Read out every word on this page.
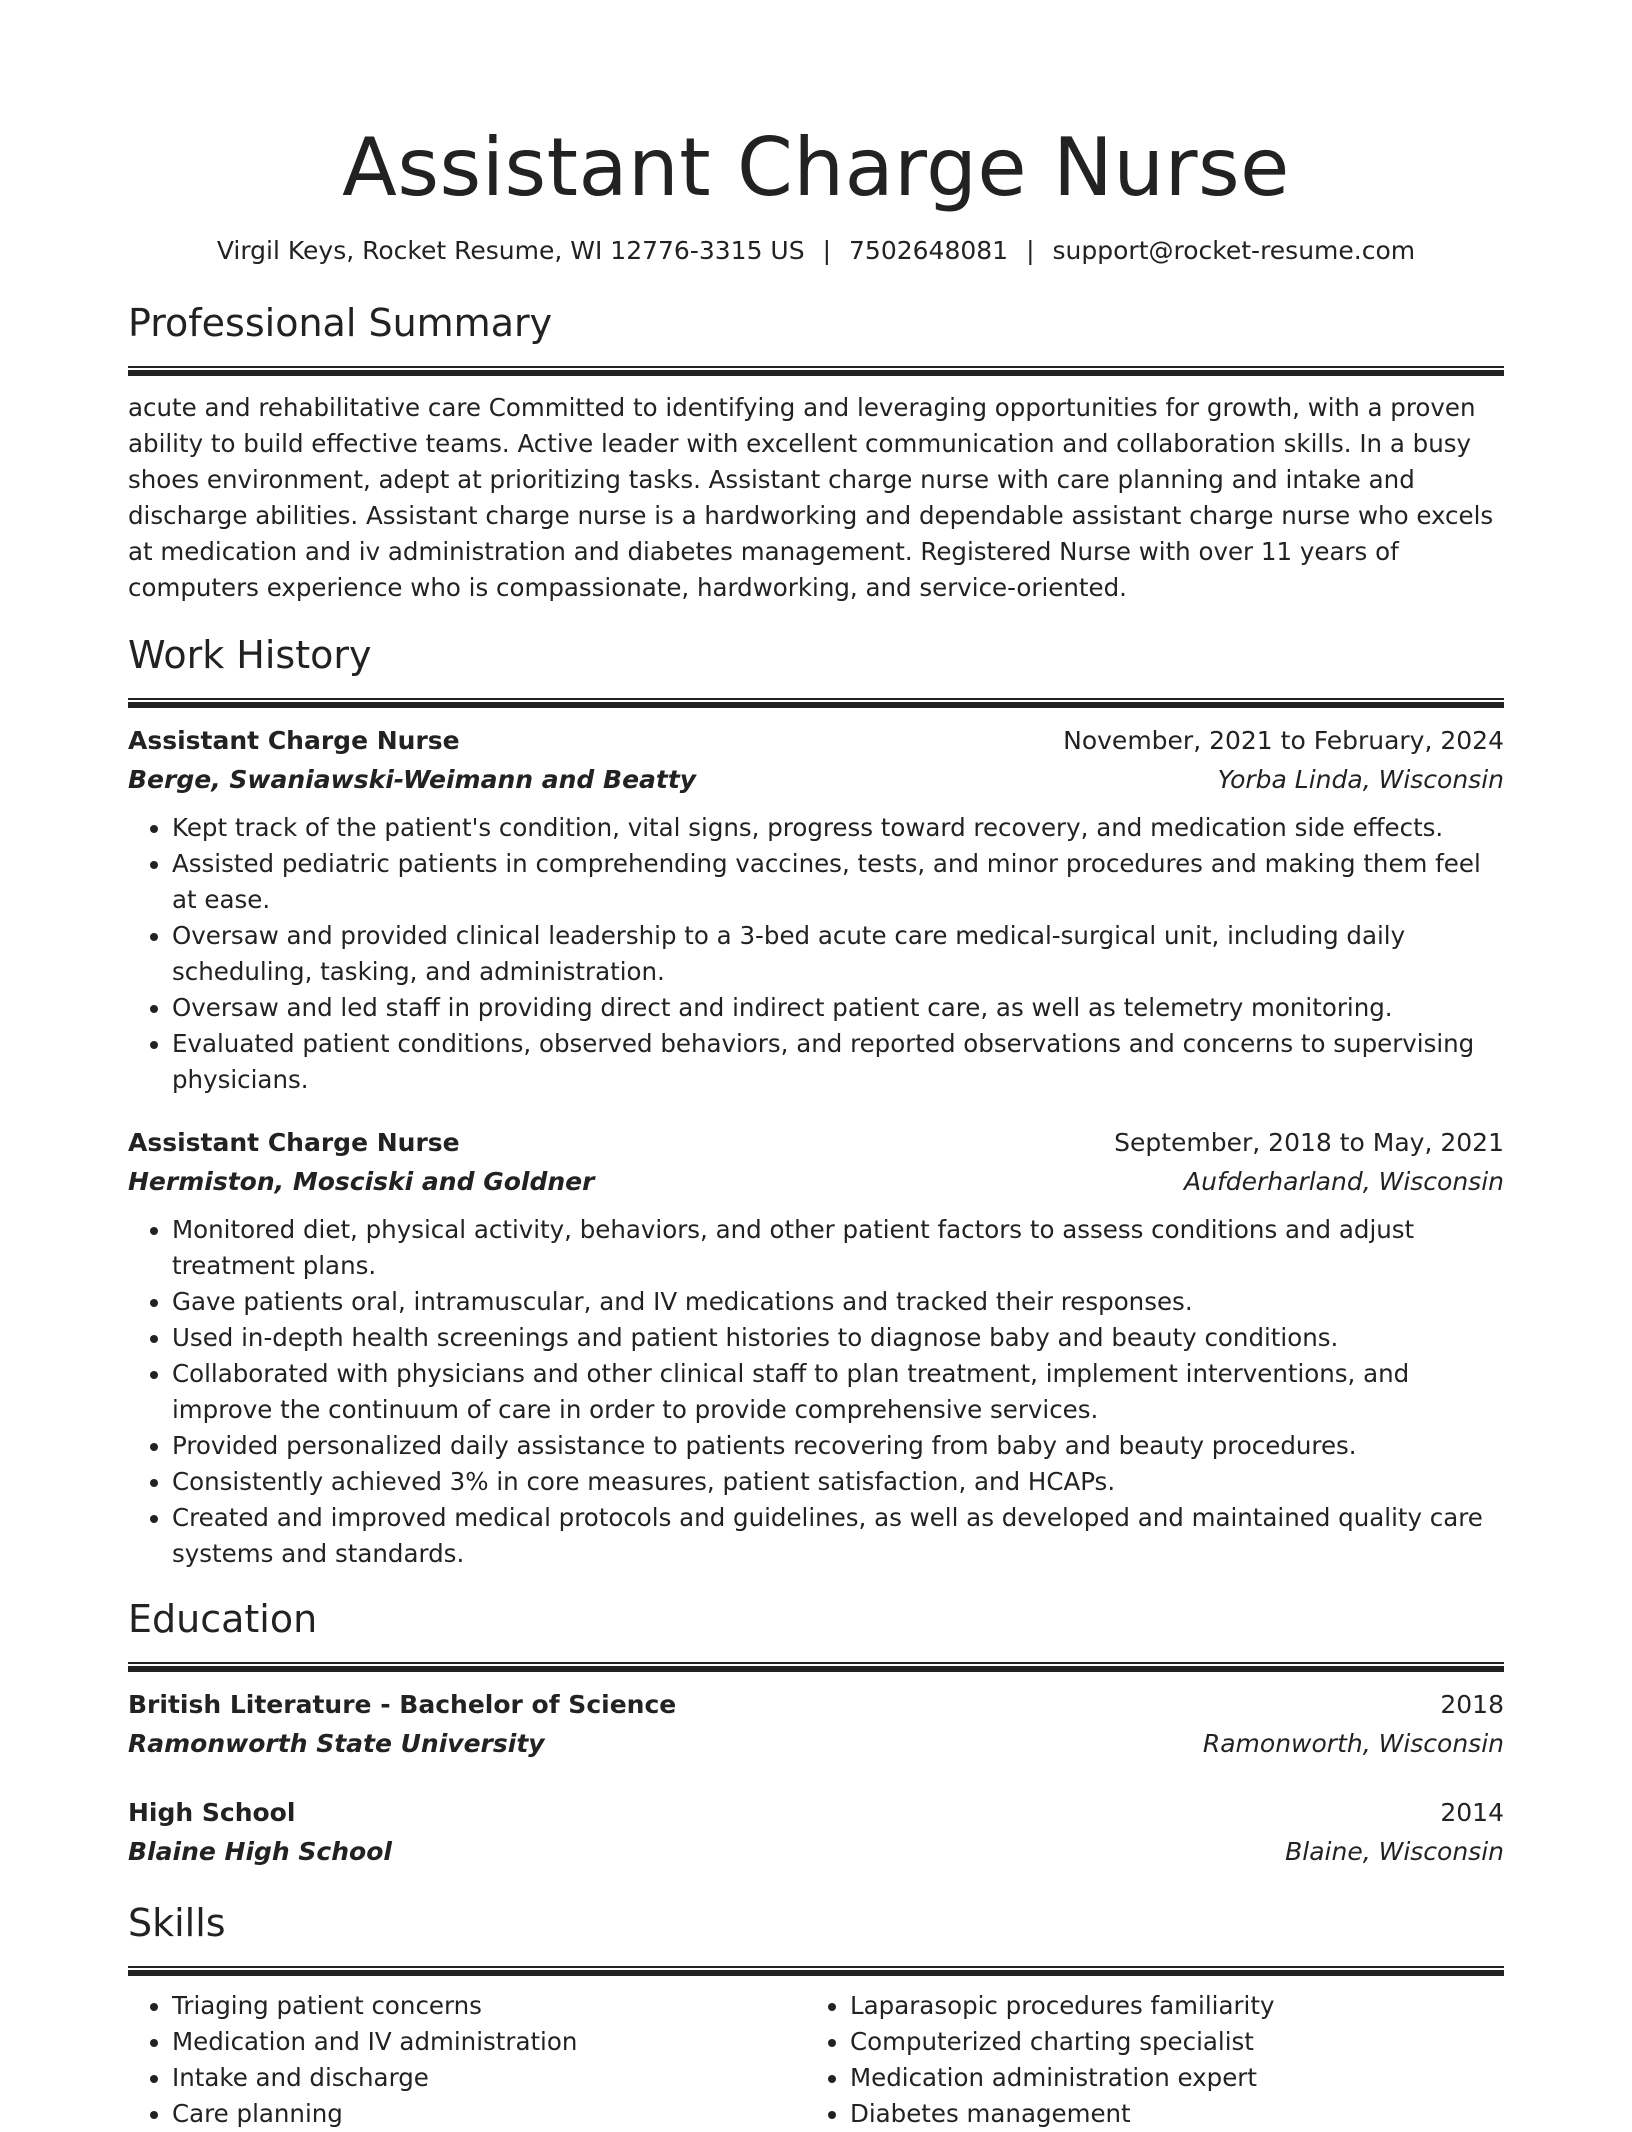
Assistant Charge Nurse
Virgil Keys, Rocket Resume, WI 12776-3315 US | 7502648081 | support@rocket-resume.com
Professional Summary
acute and rehabilitative care Committed to identifying and leveraging opportunities for growth, with a proven ability to build effective teams. Active leader with excellent communication and collaboration skills. In a busy shoes environment, adept at prioritizing tasks. Assistant charge nurse with care planning and intake and discharge abilities. Assistant charge nurse is a hardworking and dependable assistant charge nurse who excels at medication and iv administration and diabetes management. Registered Nurse with over 11 years of computers experience who is compassionate, hardworking, and service-oriented.
Work History
Assistant Charge Nurse	November, 2021 to February, 2024
Berge, Swaniawski-Weimann and Beatty	Yorba Linda, Wisconsin
• Kept track of the patient's condition, vital signs, progress toward recovery, and medication side effects.
• Assisted pediatric patients in comprehending vaccines, tests, and minor procedures and making them feel at ease.
• Oversaw and provided clinical leadership to a 3-bed acute care medical-surgical unit, including daily scheduling, tasking, and administration.
• Oversaw and led staff in providing direct and indirect patient care, as well as telemetry monitoring.
• Evaluated patient conditions, observed behaviors, and reported observations and concerns to supervising physicians.
Assistant Charge Nurse	September, 2018 to May, 2021
Hermiston, Mosciski and Goldner	Aufderharland, Wisconsin
• Monitored diet, physical activity, behaviors, and other patient factors to assess conditions and adjust treatment plans.
• Gave patients oral, intramuscular, and IV medications and tracked their responses.
• Used in-depth health screenings and patient histories to diagnose baby and beauty conditions.
• Collaborated with physicians and other clinical staff to plan treatment, implement interventions, and improve the continuum of care in order to provide comprehensive services.
• Provided personalized daily assistance to patients recovering from baby and beauty procedures.
• Consistently achieved 3% in core measures, patient satisfaction, and HCAPs.
• Created and improved medical protocols and guidelines, as well as developed and maintained quality care systems and standards.
Education
British Literature - Bachelor of Science	2018
Ramonworth State University	Ramonworth, Wisconsin
High School	2014
Blaine High School	Blaine, Wisconsin
Skills
• Triaging patient concerns
• Medication and IV administration
• Intake and discharge
• Care planning
• Laparasopic procedures familiarity
• Computerized charting specialist
• Medication administration expert
• Diabetes management
